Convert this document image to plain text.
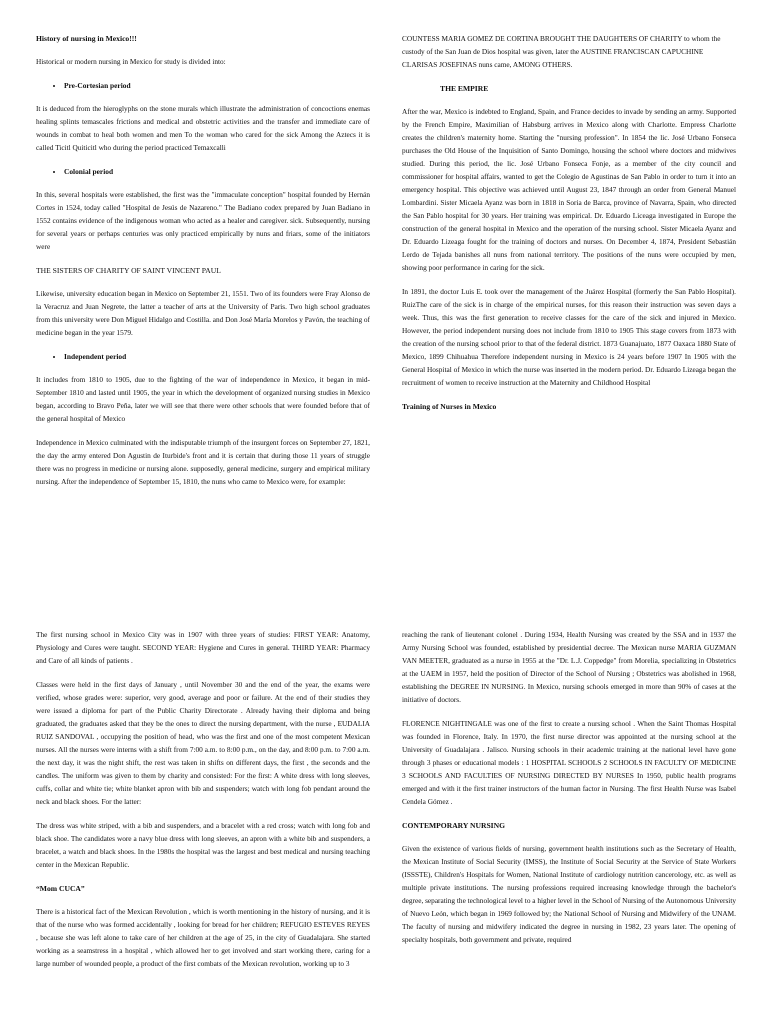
History of nursing in Mexico!!!

Historical or modern nursing in Mexico for study is divided into:

• Pre-Cortesian period

It is deduced from the hieroglyphs on the stone murals which illustrate the administration of concoctions enemas healing splints temascales frictions and medical and obstetric activities and the transfer and immediate care of wounds in combat to heal both women and men To the woman who cared for the sick Among the Aztecs it is called Ticitl Quiticitl who during the period practiced Temaxcalli

• Colonial period

In this, several hospitals were established, the first was the "immaculate conception" hospital founded by Hernán Cortes in 1524, today called "Hospital de Jesús de Nazareno." The Badiano codex prepared by Juan Badiano in 1552 contains evidence of the indigenous woman who acted as a healer and caregiver. sick. Subsequently, nursing for several years or perhaps centuries was only practiced empirically by nuns and friars, some of the initiators were

THE SISTERS OF CHARITY OF SAINT VINCENT PAUL

Likewise, university education began in Mexico on September 21, 1551. Two of its founders were Fray Alonso de la Veracruz and Juan Negrete, the latter a teacher of arts at the University of Paris. Two high school graduates from this university were Don Miguel Hidalgo and Costilla. and Don José María Morelos y Pavón, the teaching of medicine began in the year 1579.

• Independent period

It includes from 1810 to 1905, due to the fighting of the war of independence in Mexico, it began in mid-September 1810 and lasted until 1905, the year in which the development of organized nursing studies in Mexico began, according to Bravo Peña, later we will see that there were other schools that were founded before that of the general hospital of Mexico

Independence in Mexico culminated with the indisputable triumph of the insurgent forces on September 27, 1821, the day the army entered Don Agustin de Iturbide's front and it is certain that during those 11 years of struggle there was no progress in medicine or nursing alone. supposedly, general medicine, surgery and empirical military nursing. After the independence of September 15, 1810, the nuns who came to Mexico were, for example:

COUNTESS MARIA GOMEZ DE CORTINA BROUGHT THE DAUGHTERS OF CHARITY to whom the custody of the San Juan de Dios hospital was given, later the AUSTINE FRANCISCAN CAPUCHINE CLARISAS JOSEFINAS nuns came, AMONG OTHERS.

THE EMPIRE

After the war, Mexico is indebted to England, Spain, and France decides to invade by sending an army. Supported by the French Empire, Maximilian of Habsburg arrives in Mexico along with Charlotte. Empress Charlotte creates the children's maternity home. Starting the "nursing profession". In 1854 the lic. José Urbano Fonseca purchases the Old House of the Inquisition of Santo Domingo, housing the school where doctors and midwives studied. During this period, the lic. José Urbano Fonseca Fonje, as a member of the city council and commissioner for hospital affairs, wanted to get the Colegio de Agustinas de San Pablo in order to turn it into an emergency hospital. This objective was achieved until August 23, 1847 through an order from General Manuel Lombardini. Sister Micaela Ayanz was born in 1818 in Soria de Barca, province of Navarra, Spain, who directed the San Pablo hospital for 30 years. Her training was empirical. Dr. Eduardo Liceaga investigated in Europe the construction of the general hospital in Mexico and the operation of the nursing school. Sister Micaela Ayanz and Dr. Eduardo Lizeaga fought for the training of doctors and nurses. On December 4, 1874, President Sebastián Lerdo de Tejada banishes all nuns from national territory. The positions of the nuns were occupied by men, showing poor performance in caring for the sick.

In 1891, the doctor Luis E. took over the management of the Juárez Hospital (formerly the San Pablo Hospital). RuizThe care of the sick is in charge of the empirical nurses, for this reason their instruction was seven days a week. Thus, this was the first generation to receive classes for the care of the sick and injured in Mexico. However, the period independent nursing does not include from 1810 to 1905 This stage covers from 1873 with the creation of the nursing school prior to that of the federal district. 1873 Guanajuato, 1877 Oaxaca 1880 State of Mexico, 1899 Chihuahua Therefore independent nursing in Mexico is 24 years before 1907 In 1905 with the General Hospital of Mexico in which the nurse was inserted in the modern period. Dr. Eduardo Lizeaga began the recruitment of women to receive instruction at the Maternity and Childhood Hospital

Training of Nurses in Mexico

The first nursing school in Mexico City was in 1907 with three years of studies: FIRST YEAR: Anatomy, Physiology and Cures were taught. SECOND YEAR: Hygiene and Cures in general. THIRD YEAR: Pharmacy and Care of all kinds of patients .

Classes were held in the first days of January , until November 30 and the end of the year, the exams were verified, whose grades were: superior, very good, average and poor or failure. At the end of their studies they were issued a diploma for part of the Public Charity Directorate . Already having their diploma and being graduated, the graduates asked that they be the ones to direct the nursing department, with the nurse , EUDALIA RUIZ SANDOVAL , occupying the position of head, who was the first and one of the most competent Mexican nurses. All the nurses were interns with a shift from 7:00 a.m. to 8:00 p.m., on the day, and 8:00 p.m. to 7:00 a.m. the next day, it was the night shift, the rest was taken in shifts on different days, the first , the seconds and the candles. The uniform was given to them by charity and consisted: For the first: A white dress with long sleeves, cuffs, collar and white tie; white blanket apron with bib and suspenders; watch with long fob pendant around the neck and black shoes. For the latter:

The dress was white striped, with a bib and suspenders, and a bracelet with a red cross; watch with long fob and black shoe. The candidates wore a navy blue dress with long sleeves, an apron with a white bib and suspenders, a bracelet, a watch and black shoes. In the 1980s the hospital was the largest and best medical and nursing teaching center in the Mexican Republic.

“Mom CUCA”

There is a historical fact of the Mexican Revolution , which is worth mentioning in the history of nursing, and it is that of the nurse who was formed accidentally , looking for bread for her children; REFUGIO ESTEVES REYES , because she was left alone to take care of her children at the age of 25, in the city of Guadalajara. She started working as a seamstress in a hospital , which allowed her to get involved and start working there, caring for a large number of wounded people, a product of the first combats of the Mexican revolution, working up to 3

reaching the rank of lieutenant colonel . During 1934, Health Nursing was created by the SSA and in 1937 the Army Nursing School was founded, established by presidential decree. The Mexican nurse MARIA GUZMAN VAN MEETER, graduated as a nurse in 1955 at the "Dr. L.J. Coppedge" from Morelia, specializing in Obstetrics at the UAEM in 1957, held the position of Director of the School of Nursing ; Obstetrics was abolished in 1968, establishing the DEGREE IN NURSING. In Mexico, nursing schools emerged in more than 90% of cases at the initiative of doctors.

FLORENCE NIGHTINGALE was one of the first to create a nursing school . When the Saint Thomas Hospital was founded in Florence, Italy. In 1970, the first nurse director was appointed at the nursing school at the University of Guadalajara . Jalisco. Nursing schools in their academic training at the national level have gone through 3 phases or educational models : 1 HOSPITAL SCHOOLS 2 SCHOOLS IN FACULTY OF MEDICINE 3 SCHOOLS AND FACULTIES OF NURSING DIRECTED BY NURSES In 1950, public health programs emerged and with it the first trainer instructors of the human factor in Nursing. The first Health Nurse was Isabel Cendela Gómez .

CONTEMPORARY NURSING

Given the existence of various fields of nursing, government health institutions such as the Secretary of Health, the Mexican Institute of Social Security (IMSS), the Institute of Social Security at the Service of State Workers (ISSSTE), Children's Hospitals for Women, National Institute of cardiology nutrition cancerology, etc. as well as multiple private institutions. The nursing professions required increasing knowledge through the bachelor's degree, separating the technological level to a higher level in the School of Nursing of the Autonomous University of Nuevo León, which began in 1969 followed by; the National School of Nursing and Midwifery of the UNAM. The faculty of nursing and midwifery indicated the degree in nursing in 1982, 23 years later. The opening of specialty hospitals, both government and private, required
